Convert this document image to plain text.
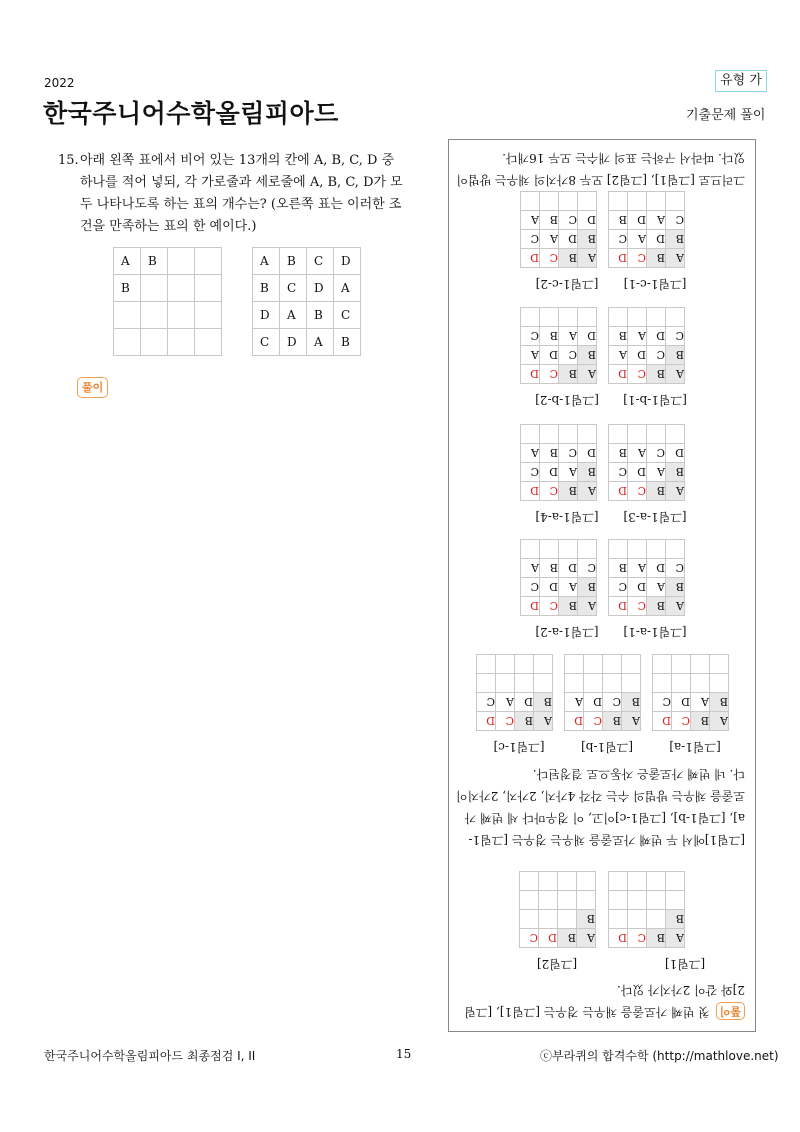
2022
한국주니어수학올림피아드
유형 가
기출문제 풀이
15. 아래 왼쪽 표에서 비어 있는 13개의 칸에 A, B, C, D 중 하나를 적어 넣되, 각 가로줄과 세로줄에 A, B, C, D가 모두 나타나도록 하는 표의 개수는? (오른쪽 표는 이러한 조건을 만족하는 표의 한 예이다.)
A	B		
B			

A	B	C	D
B	C	D	A
D	A	B	C
C	D	A	B
풀이
풀이첫 번째 가로줄을 채우는 경우는 [그림1], [그림2]와 같이 2가지가 있다.
[그림1]
A	B	C	D
B			

[그림2]
A	B	D	C
B			

[그림1]에서 두 번째 가로줄을 채우는 경우는 [그림1-a], [그림1-b], [그림1-c]이고, 이 경우마다 세 번째 가로줄을 채우는 방법의 수는 각각 4가지, 2가지, 2가지이다. 네 번째 가로줄은 자동으로 결정된다.
[그림1-a]
A	B	C	D
B	A	D	C

[그림1-b]
A	B	C	D
B	C	D	A

[그림1-c]
A	B	C	D
B	D	A	C

[그림1-a-1]
A	B	C	D
B	A	D	C
C	D	A	B

[그림1-a-2]
A	B	C	D
B	A	D	C
C	D	B	A

[그림1-a-3]
A	B	C	D
B	A	D	C
D	C	A	B

[그림1-a-4]
A	B	C	D
B	A	D	C
D	C	B	A

[그림1-b-1]
A	B	C	D
B	C	D	A
C	D	A	B

[그림1-b-2]
A	B	C	D
B	C	D	A
D	A	B	C

[그림1-c-1]
A	B	C	D
B	D	A	C
C	A	D	B

[그림1-c-2]
A	B	C	D
B	D	A	C
D	C	B	A

그러므로 [그림1], [그림2] 모두 8가지의 채우는 방법이 있다. 따라서 구하는 표의 개수는 모두 16개다.
한국주니어수학올림피아드 최종점검 I, II	15	ⓒ부라퀴의 합격수학 (http://mathlove.net)
